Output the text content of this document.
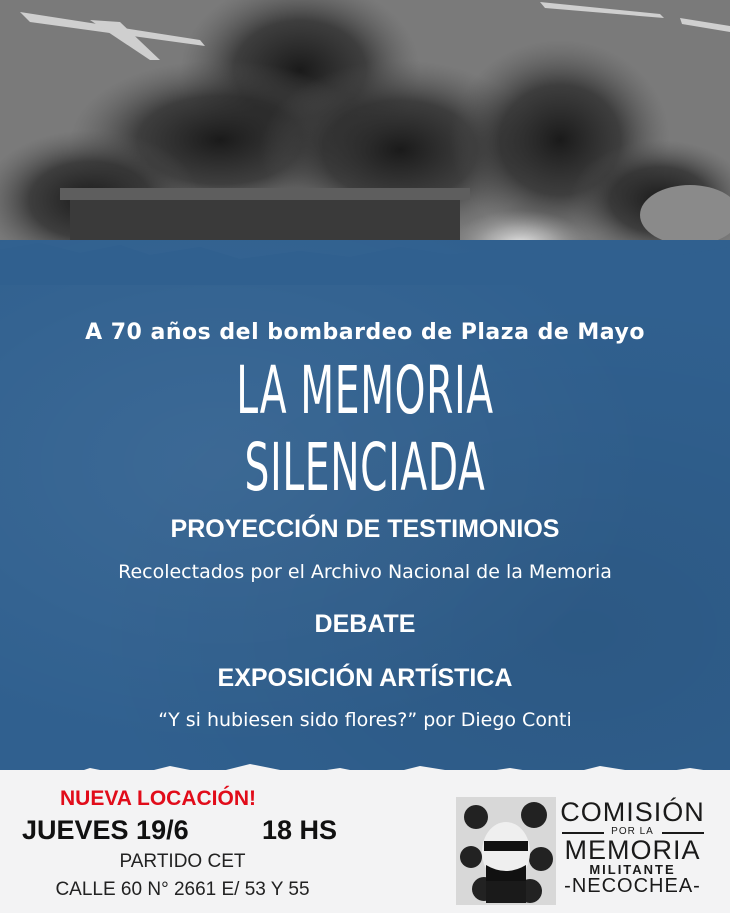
A 70 años del bombardeo de Plaza de Mayo
LA MEMORIA SILENCIADA
PROYECCIÓN DE TESTIMONIOS
Recolectados por el Archivo Nacional de la Memoria
DEBATE
EXPOSICIÓN ARTÍSTICA
“Y si hubiesen sido flores?” por Diego Conti
NUEVA LOCACIÓN!
JUEVES 19/6	18 HS
PARTIDO CET
CALLE 60 N° 2661 E/ 53 Y 55
COMISIÓN
POR LA
MEMORIA
MILITANTE
-NECOCHEA-
